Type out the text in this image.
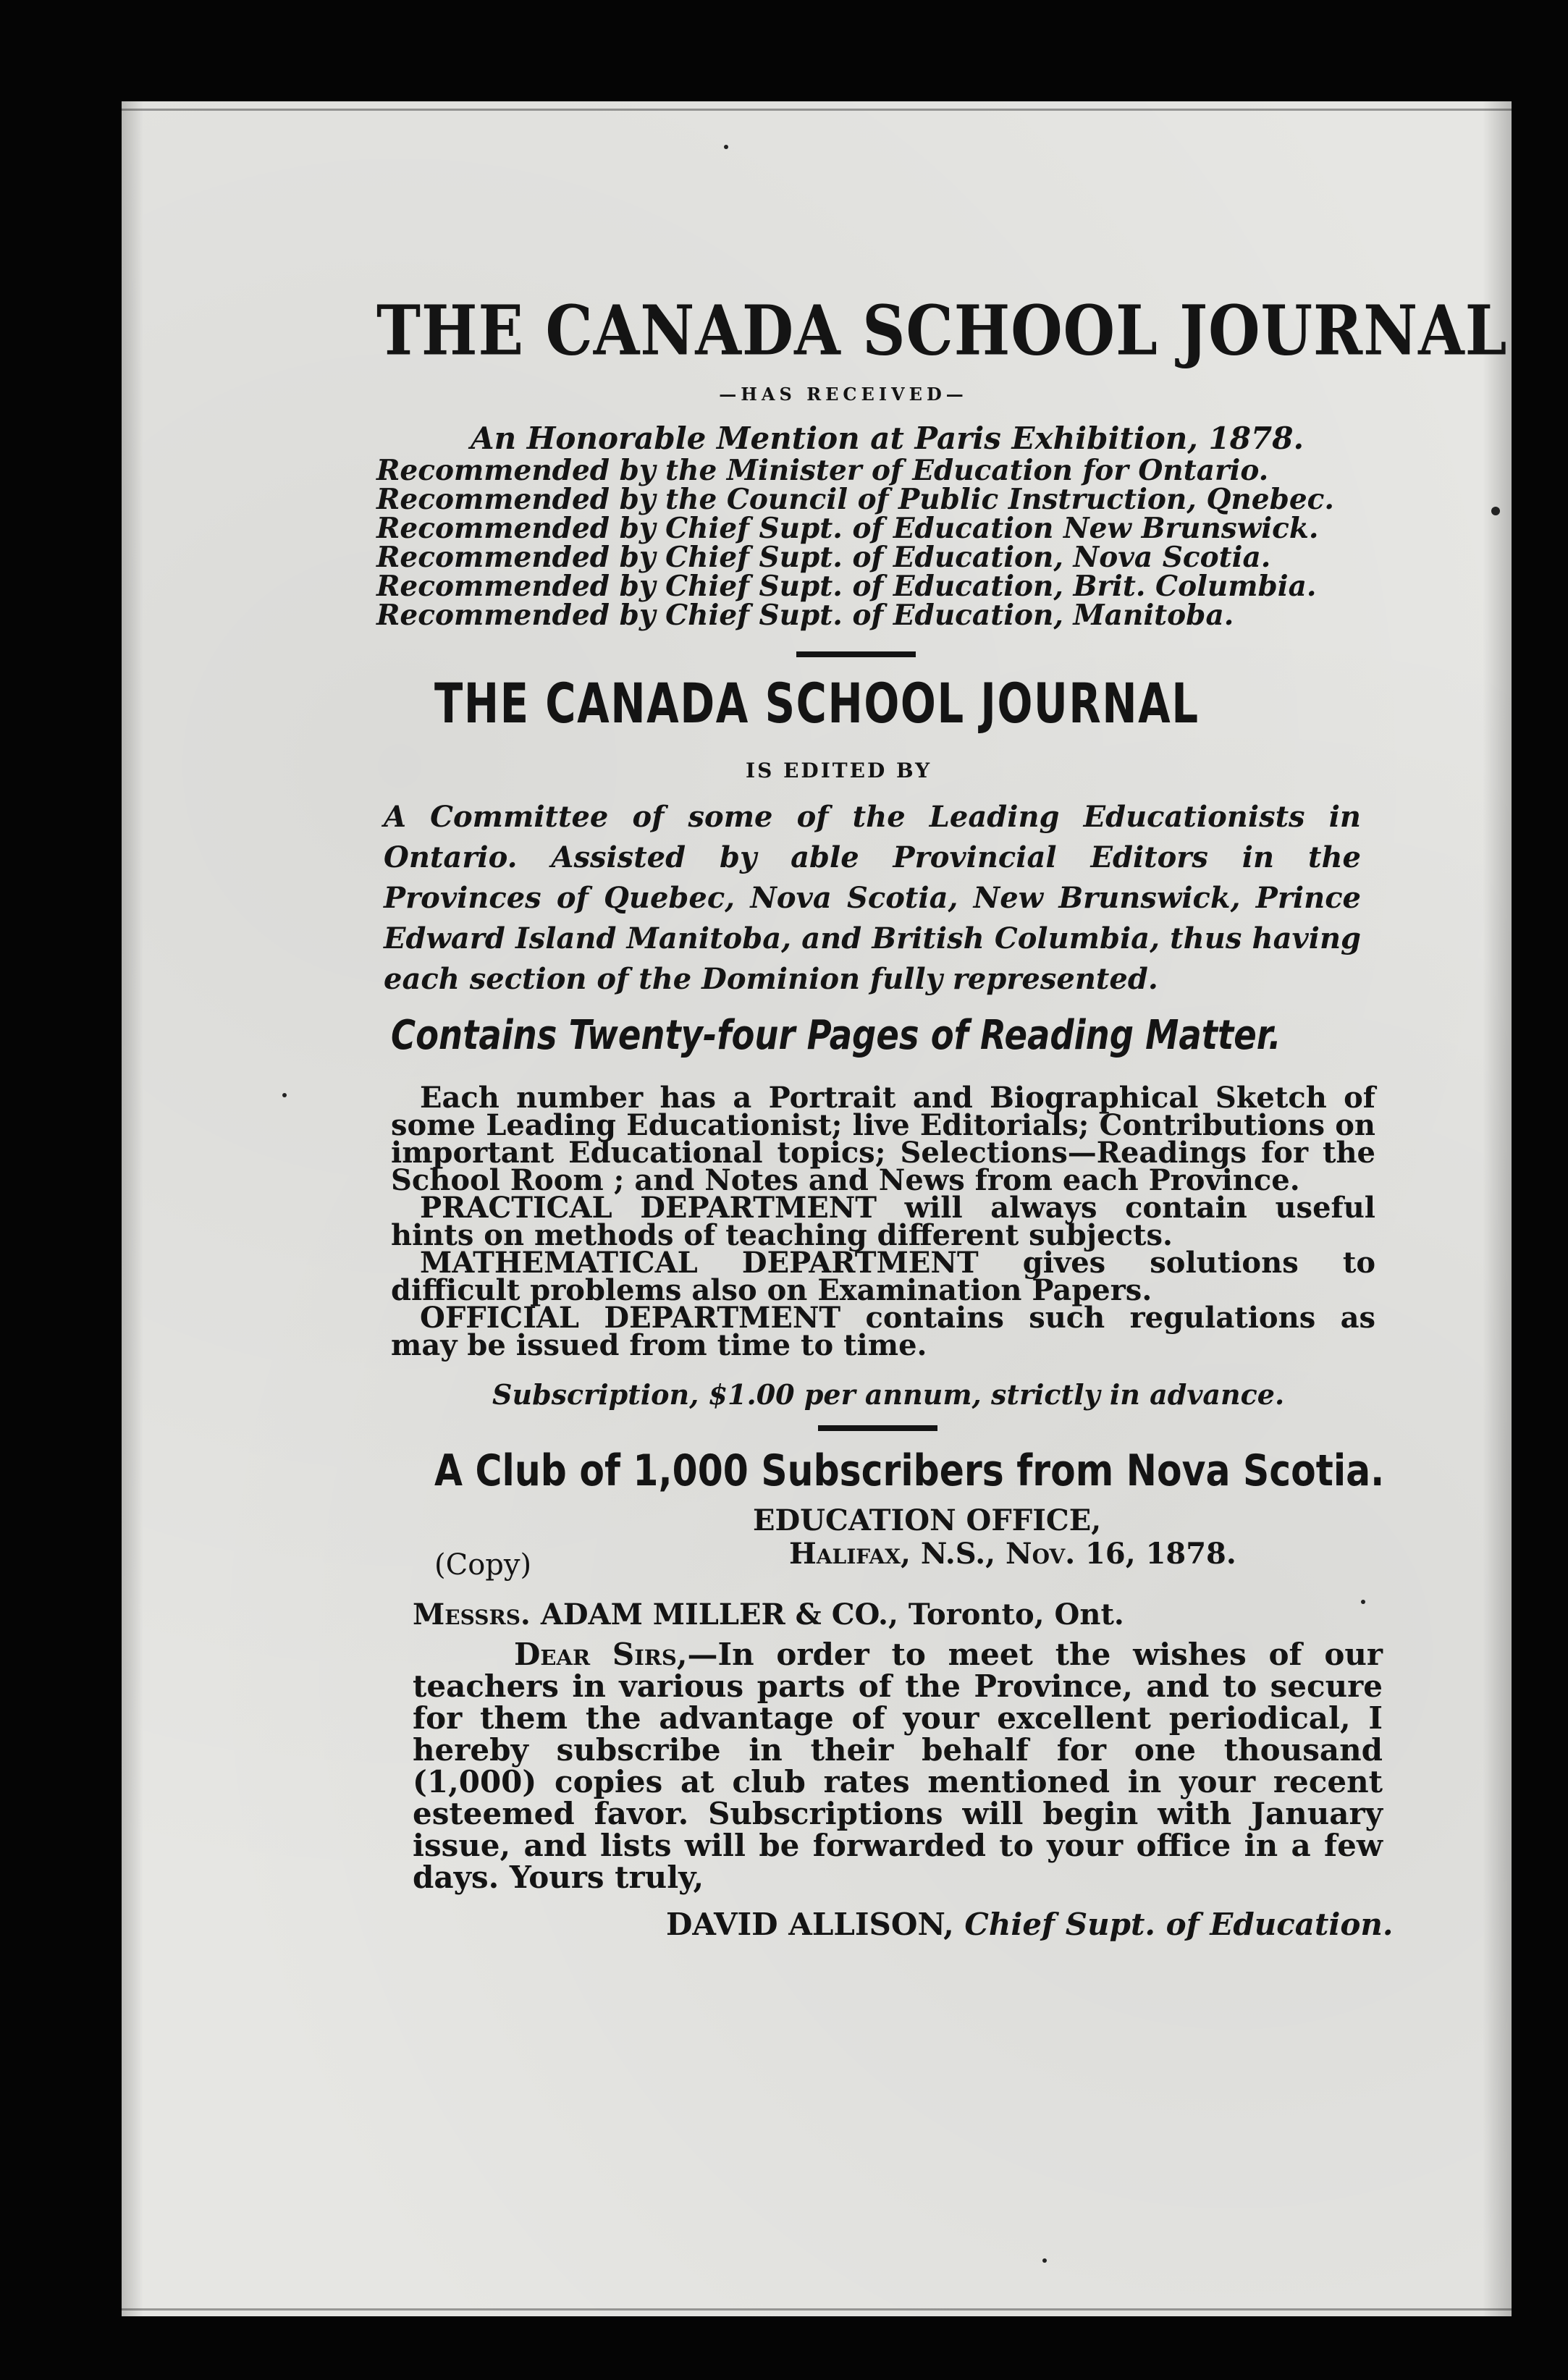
THE CANADA SCHOOL JOURNAL
—HAS RECEIVED—
An Honorable Mention at Paris Exhibition, 1878.
Recommended by the Minister of Education for Ontario.
Recommended by the Council of Public Instruction, Qnebec.
Recommended by Chief Supt. of Education New Brunswick.
Recommended by Chief Supt. of Education, Nova Scotia.
Recommended by Chief Supt. of Education, Brit. Columbia.
Recommended by Chief Supt. of Education, Manitoba.
THE CANADA SCHOOL JOURNAL
IS EDITED BY
A Committee of some of the Leading Educationists in Ontario. Assisted by able Provincial Editors in the Provinces of Quebec, Nova Scotia, New Brunswick, Prince Edward Island Manitoba, and British Columbia, thus having each section of the Dominion fully represented.
Contains Twenty-four Pages of Reading Matter.

Each number has a Portrait and Biographical Sketch of some Leading Educationist; live Editorials; Contributions on important Educational topics; Selections—Readings for the School Room ; and Notes and News from each Province.

PRACTICAL DEPARTMENT will always contain useful hints on methods of teaching different subjects.

MATHEMATICAL DEPARTMENT gives solutions to difficult problems also on Examination Papers.

OFFICIAL DEPARTMENT contains such regulations as may be issued from time to time.

Subscription, $1.00 per annum, strictly in advance.
A Club of 1,000 Subscribers from Nova Scotia.
EDUCATION OFFICE,
Halifax, N.S., Nov. 16, 1878.
(Copy)
Messrs. ADAM MILLER & CO., Toronto, Ont.
Dear Sirs,—In order to meet the wishes of our teachers in various parts of the Province, and to secure for them the advantage of your excellent periodical, I hereby subscribe in their behalf for one thousand (1,000) copies at club rates mentioned in your recent esteemed favor. Subscriptions will begin with January issue, and lists will be forwarded to your office in a few days. Yours truly,
DAVID ALLISON, Chief Supt. of Education.
